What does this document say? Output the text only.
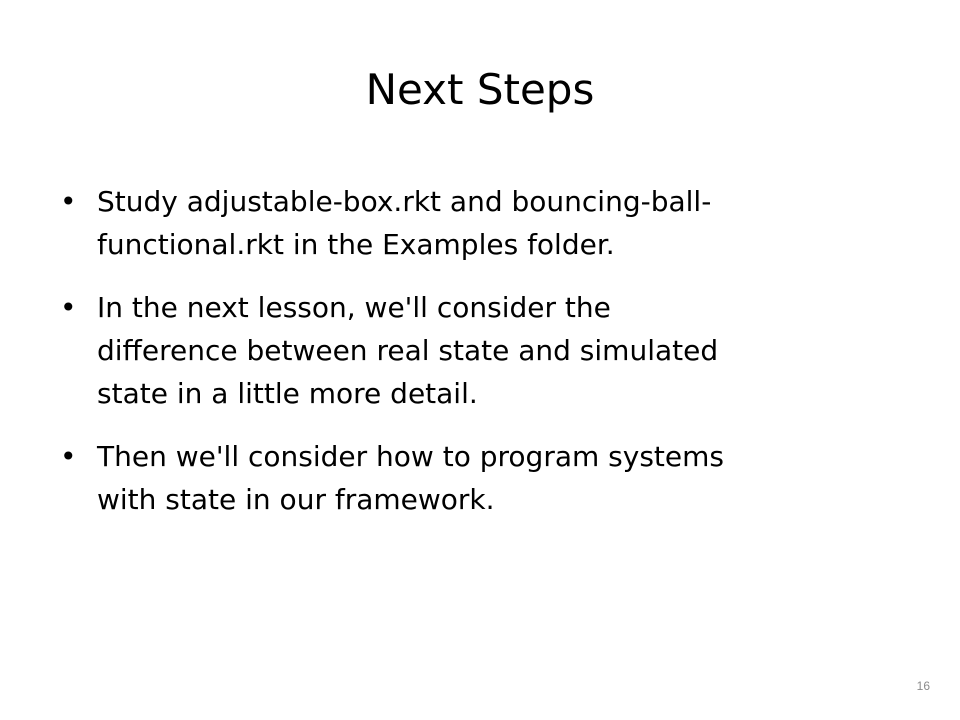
Next Steps
• Study adjustable-box.rkt and bouncing-ball-
functional.rkt in the Examples folder.
• In the next lesson, we'll consider the
difference between real state and simulated
state in a little more detail.
• Then we'll consider how to program systems
with state in our framework.
16
